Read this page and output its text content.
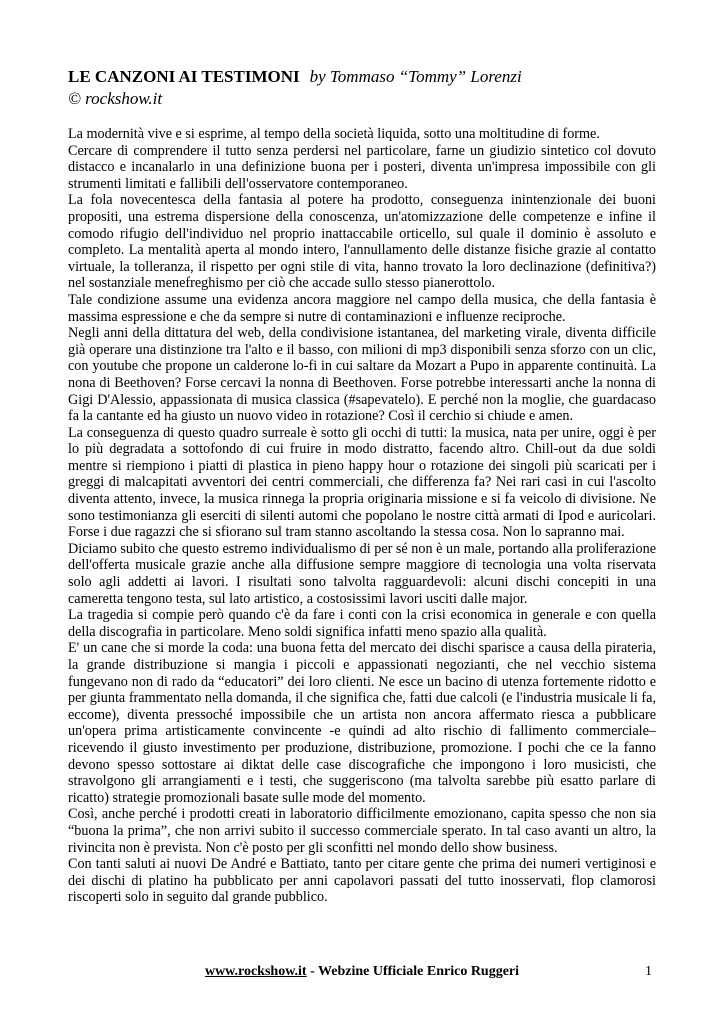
LE CANZONI AI TESTIMONI by Tommaso “Tommy” Lorenzi
© rockshow.it

La modernità vive e si esprime, al tempo della società liquida, sotto una moltitudine di forme.

Cercare di comprendere il tutto senza perdersi nel particolare, farne un giudizio sintetico col dovuto distacco e incanalarlo in una definizione buona per i posteri, diventa un'impresa impossibile con gli strumenti limitati e fallibili dell'osservatore contemporaneo.

La fola novecentesca della fantasia al potere ha prodotto, conseguenza inintenzionale dei buoni propositi, una estrema dispersione della conoscenza, un'atomizzazione delle competenze e infine il comodo rifugio dell'individuo nel proprio inattaccabile orticello, sul quale il dominio è assoluto e completo. La mentalità aperta al mondo intero, l'annullamento delle distanze fisiche grazie al contatto virtuale, la tolleranza, il rispetto per ogni stile di vita, hanno trovato la loro declinazione (definitiva?) nel sostanziale menefreghismo per ciò che accade sullo stesso pianerottolo.

Tale condizione assume una evidenza ancora maggiore nel campo della musica, che della fantasia è massima espressione e che da sempre si nutre di contaminazioni e influenze reciproche.

Negli anni della dittatura del web, della condivisione istantanea, del marketing virale, diventa difficile già operare una distinzione tra l'alto e il basso, con milioni di mp3 disponibili senza sforzo con un clic, con youtube che propone un calderone lo-fi in cui saltare da Mozart a Pupo in apparente continuità. La nona di Beethoven? Forse cercavi la nonna di Beethoven. Forse potrebbe interessarti anche la nonna di Gigi D'Alessio, appassionata di musica classica (#sapevatelo). E perché non la moglie, che guardacaso fa la cantante ed ha giusto un nuovo video in rotazione? Così il cerchio si chiude e amen.

La conseguenza di questo quadro surreale è sotto gli occhi di tutti: la musica, nata per unire, oggi è per lo più degradata a sottofondo di cui fruire in modo distratto, facendo altro. Chill-out da due soldi mentre si riempiono i piatti di plastica in pieno happy hour o rotazione dei singoli più scaricati per i greggi di malcapitati avventori dei centri commerciali, che differenza fa? Nei rari casi in cui l'ascolto diventa attento, invece, la musica rinnega la propria originaria missione e si fa veicolo di divisione. Ne sono testimonianza gli eserciti di silenti automi che popolano le nostre città armati di Ipod e auricolari. Forse i due ragazzi che si sfiorano sul tram stanno ascoltando la stessa cosa. Non lo sapranno mai.

Diciamo subito che questo estremo individualismo di per sé non è un male, portando alla proliferazione dell'offerta musicale grazie anche alla diffusione sempre maggiore di tecnologia una volta riservata solo agli addetti ai lavori. I risultati sono talvolta ragguardevoli: alcuni dischi concepiti in una cameretta tengono testa, sul lato artistico, a costosissimi lavori usciti dalle major.

La tragedia si compie però quando c'è da fare i conti con la crisi economica in generale e con quella della discografia in particolare. Meno soldi significa infatti meno spazio alla qualità.

E' un cane che si morde la coda: una buona fetta del mercato dei dischi sparisce a causa della pirateria, la grande distribuzione si mangia i piccoli e appassionati negozianti, che nel vecchio sistema fungevano non di rado da “educatori” dei loro clienti. Ne esce un bacino di utenza fortemente ridotto e per giunta frammentato nella domanda, il che significa che, fatti due calcoli (e l'industria musicale li fa, eccome), diventa pressoché impossibile che un artista non ancora affermato riesca a pubblicare un'opera prima artisticamente convincente -e quindi ad alto rischio di fallimento commerciale– ricevendo il giusto investimento per produzione, distribuzione, promozione. I pochi che ce la fanno devono spesso sottostare ai diktat delle case discografiche che impongono i loro musicisti, che stravolgono gli arrangiamenti e i testi, che suggeriscono (ma talvolta sarebbe più esatto parlare di ricatto) strategie promozionali basate sulle mode del momento.

Così, anche perché i prodotti creati in laboratorio difficilmente emozionano, capita spesso che non sia “buona la prima”, che non arrivi subito il successo commerciale sperato. In tal caso avanti un altro, la rivincita non è prevista. Non c'è posto per gli sconfitti nel mondo dello show business.

Con tanti saluti ai nuovi De André e Battiato, tanto per citare gente che prima dei numeri vertiginosi e dei dischi di platino ha pubblicato per anni capolavori passati del tutto inosservati, flop clamorosi riscoperti solo in seguito dal grande pubblico.

www.rockshow.it - Webzine Ufficiale Enrico Ruggeri	1
